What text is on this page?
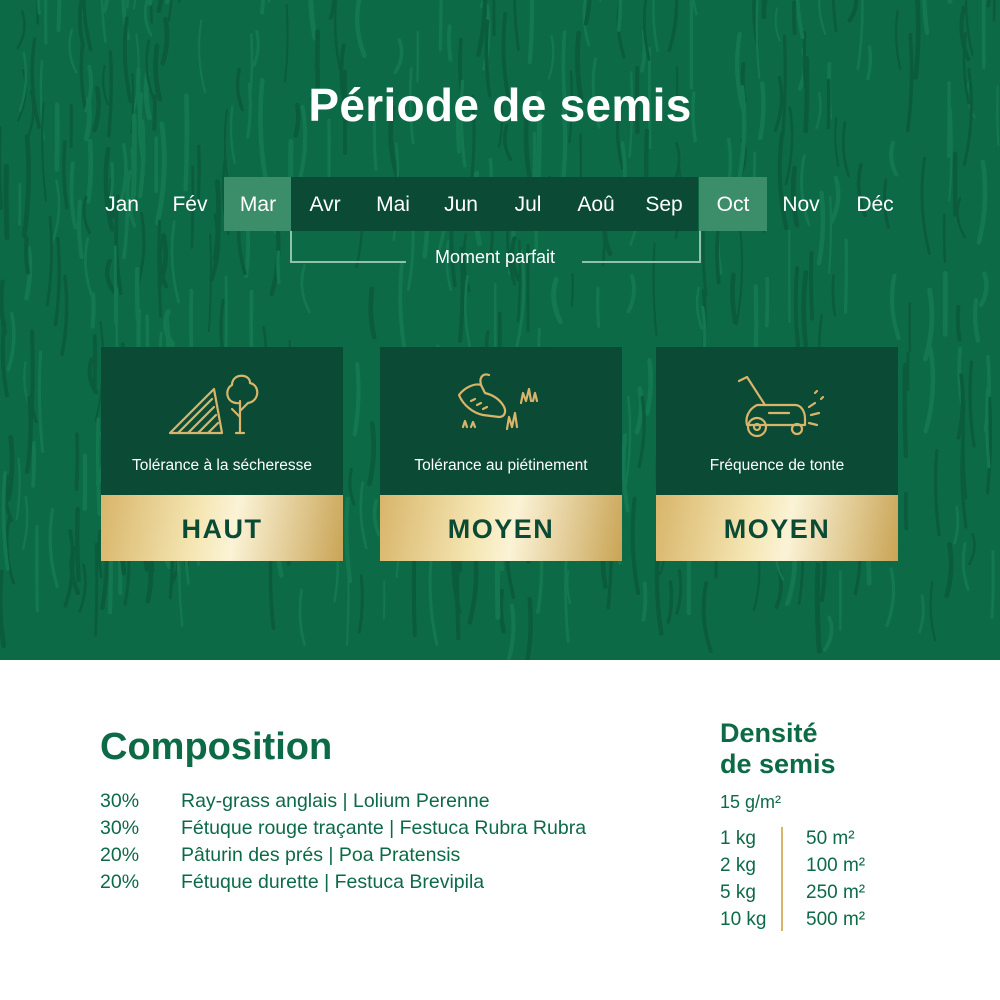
Période de semis
Jan	Fév	Mar	Avr	Mai	Jun	Jul	Aoû	Sep	Oct	Nov	Déc
Moment parfait
Tolérance à la sécheresse
HAUT
Tolérance au piétinement
MOYEN
Fréquence de tonte
MOYEN
Composition
30% Ray-grass anglais | Lolium Perenne
30% Fétuque rouge traçante | Festuca Rubra Rubra
20% Pâturin des prés | Poa Pratensis
20% Fétuque durette | Festuca Brevipila
Densité
de semis
15 g/m²
1 kg	50 m²
2 kg	100 m²
5 kg	250 m²
10 kg 500 m²
